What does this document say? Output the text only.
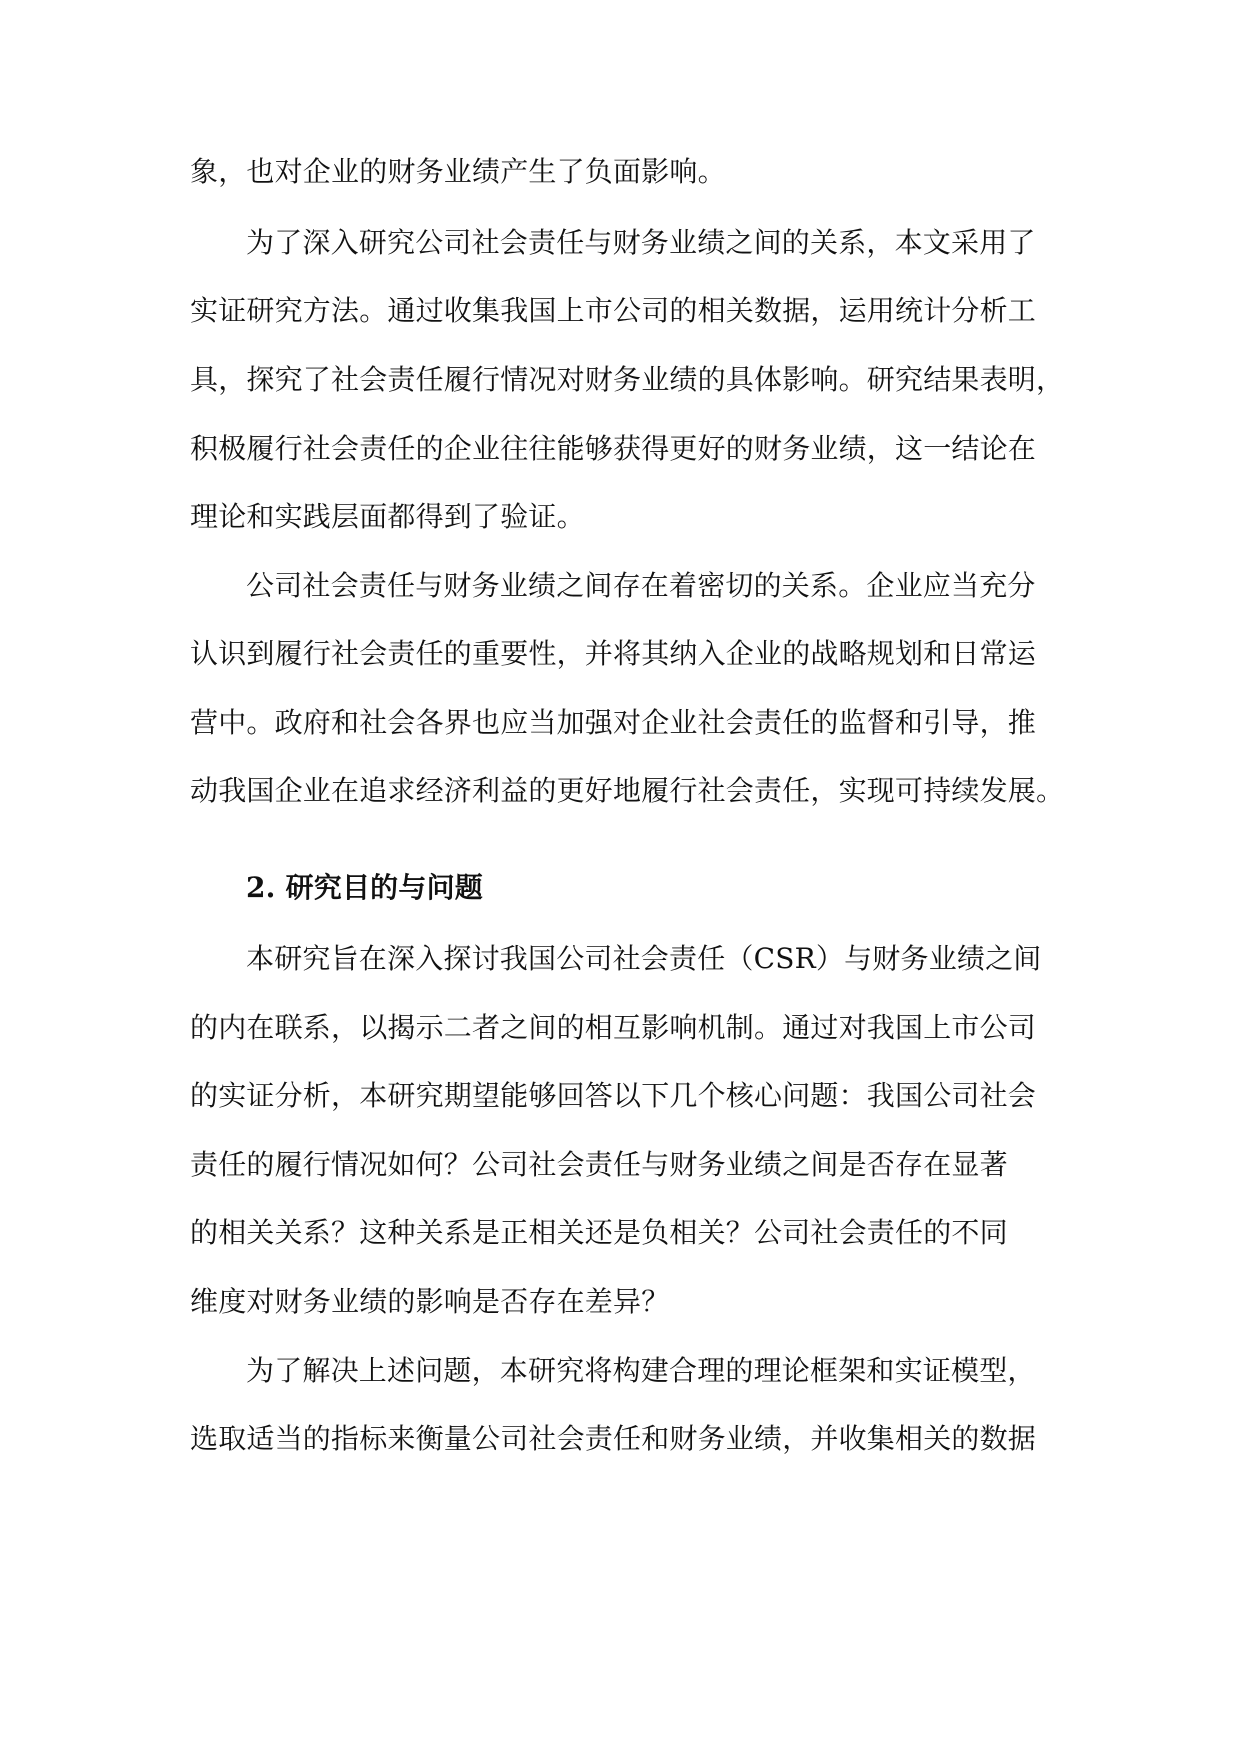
象，也对企业的财务业绩产生了负面影响。
为了深入研究公司社会责任与财务业绩之间的关系，本文采用了
实证研究方法。通过收集我国上市公司的相关数据，运用统计分析工
具，探究了社会责任履行情况对财务业绩的具体影响。研究结果表明，
积极履行社会责任的企业往往能够获得更好的财务业绩，这一结论在
理论和实践层面都得到了验证。
公司社会责任与财务业绩之间存在着密切的关系。企业应当充分
认识到履行社会责任的重要性，并将其纳入企业的战略规划和日常运
营中。政府和社会各界也应当加强对企业社会责任的监督和引导，推
动我国企业在追求经济利益的更好地履行社会责任，实现可持续发展。
2. 研究目的与问题
本研究旨在深入探讨我国公司社会责任（CSR）与财务业绩之间
的内在联系，以揭示二者之间的相互影响机制。通过对我国上市公司
的实证分析，本研究期望能够回答以下几个核心问题：我国公司社会
责任的履行情况如何？公司社会责任与财务业绩之间是否存在显著
的相关关系？这种关系是正相关还是负相关？公司社会责任的不同
维度对财务业绩的影响是否存在差异？
为了解决上述问题，本研究将构建合理的理论框架和实证模型，
选取适当的指标来衡量公司社会责任和财务业绩，并收集相关的数据
